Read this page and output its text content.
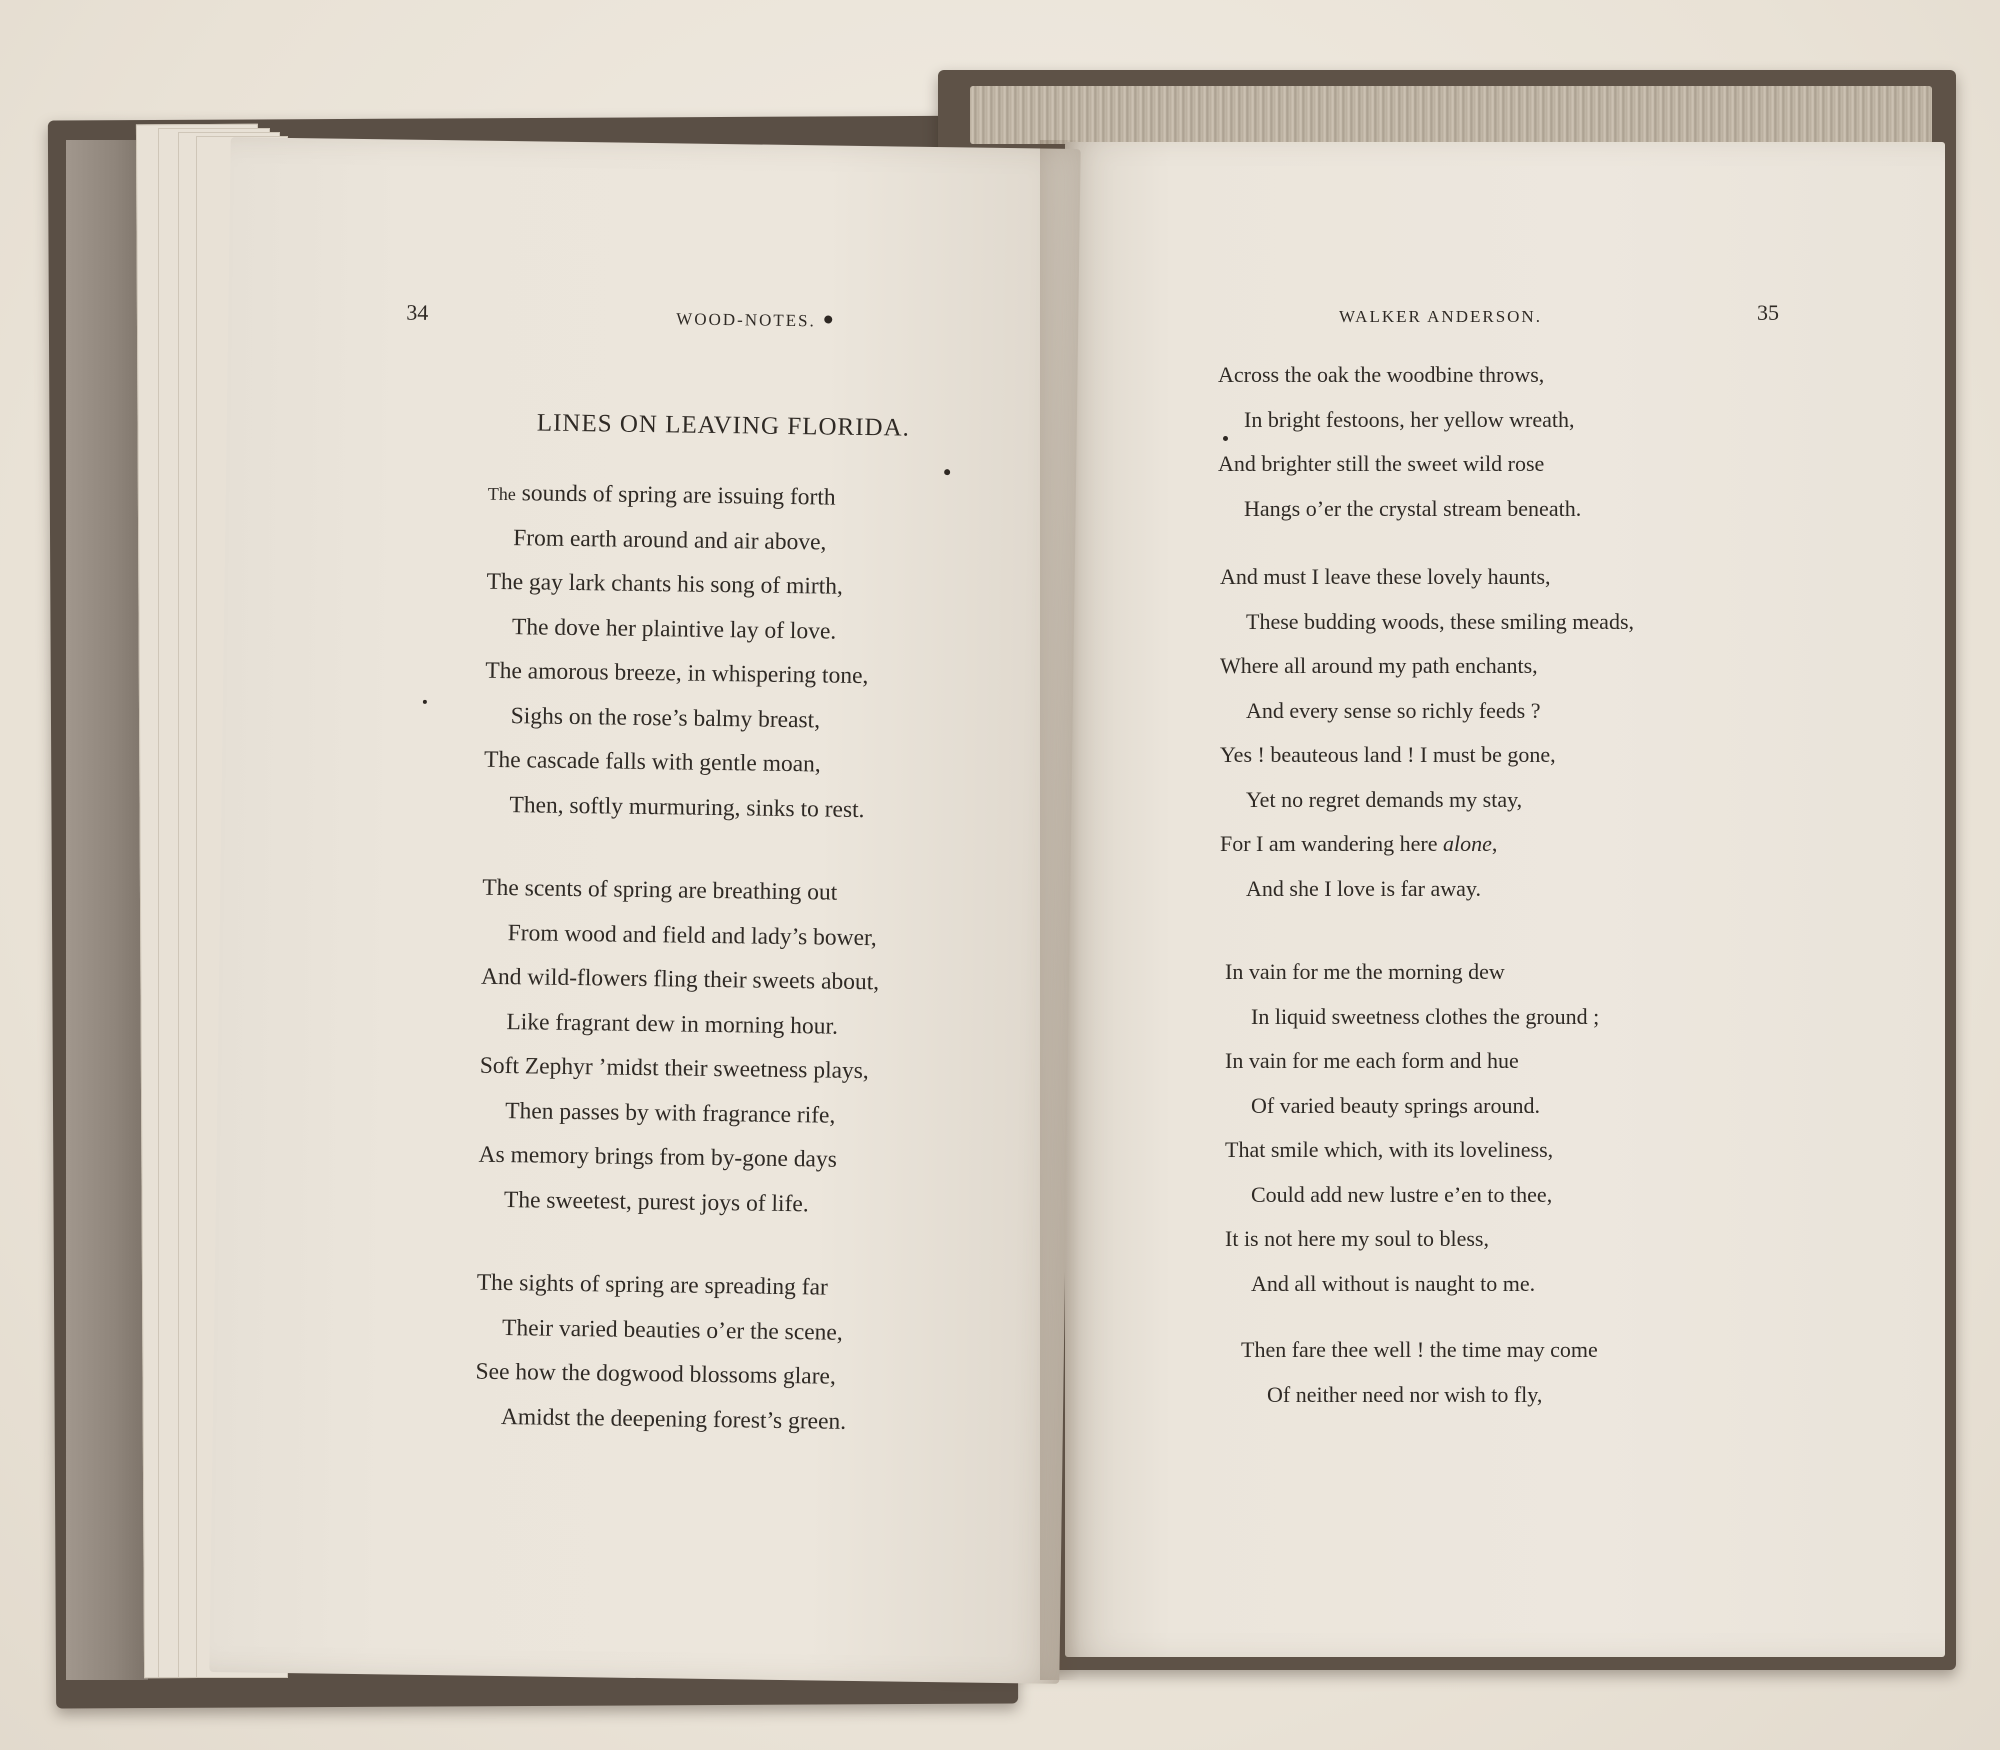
WALKER ANDERSON.	35
Across the oak the woodbine throws,
In bright festoons, her yellow wreath,
And brighter still the sweet wild rose
Hangs o’er the crystal stream beneath.
And must I leave these lovely haunts,
These budding woods, these smiling meads,
Where all around my path enchants,
And every sense so richly feeds ?
Yes ! beauteous land ! I must be gone,
Yet no regret demands my stay,
For I am wandering here alone,
And she I love is far away.
In vain for me the morning dew
In liquid sweetness clothes the ground ;
In vain for me each form and hue
Of varied beauty springs around.
That smile which, with its loveliness,
Could add new lustre e’en to thee,
It is not here my soul to bless,
And all without is naught to me.
Then fare thee well ! the time may come
Of neither need nor wish to fly,
34	WOOD-NOTES.
LINES ON LEAVING FLORIDA.
The sounds of spring are issuing forth
From earth around and air above,
The gay lark chants his song of mirth,
The dove her plaintive lay of love.
The amorous breeze, in whispering tone,
Sighs on the rose’s balmy breast,
The cascade falls with gentle moan,
Then, softly murmuring, sinks to rest.
The scents of spring are breathing out
From wood and field and lady’s bower,
And wild-flowers fling their sweets about,
Like fragrant dew in morning hour.
Soft Zephyr ’midst their sweetness plays,
Then passes by with fragrance rife,
As memory brings from by-gone days
The sweetest, purest joys of life.
The sights of spring are spreading far
Their varied beauties o’er the scene,
See how the dogwood blossoms glare,
Amidst the deepening forest’s green.
